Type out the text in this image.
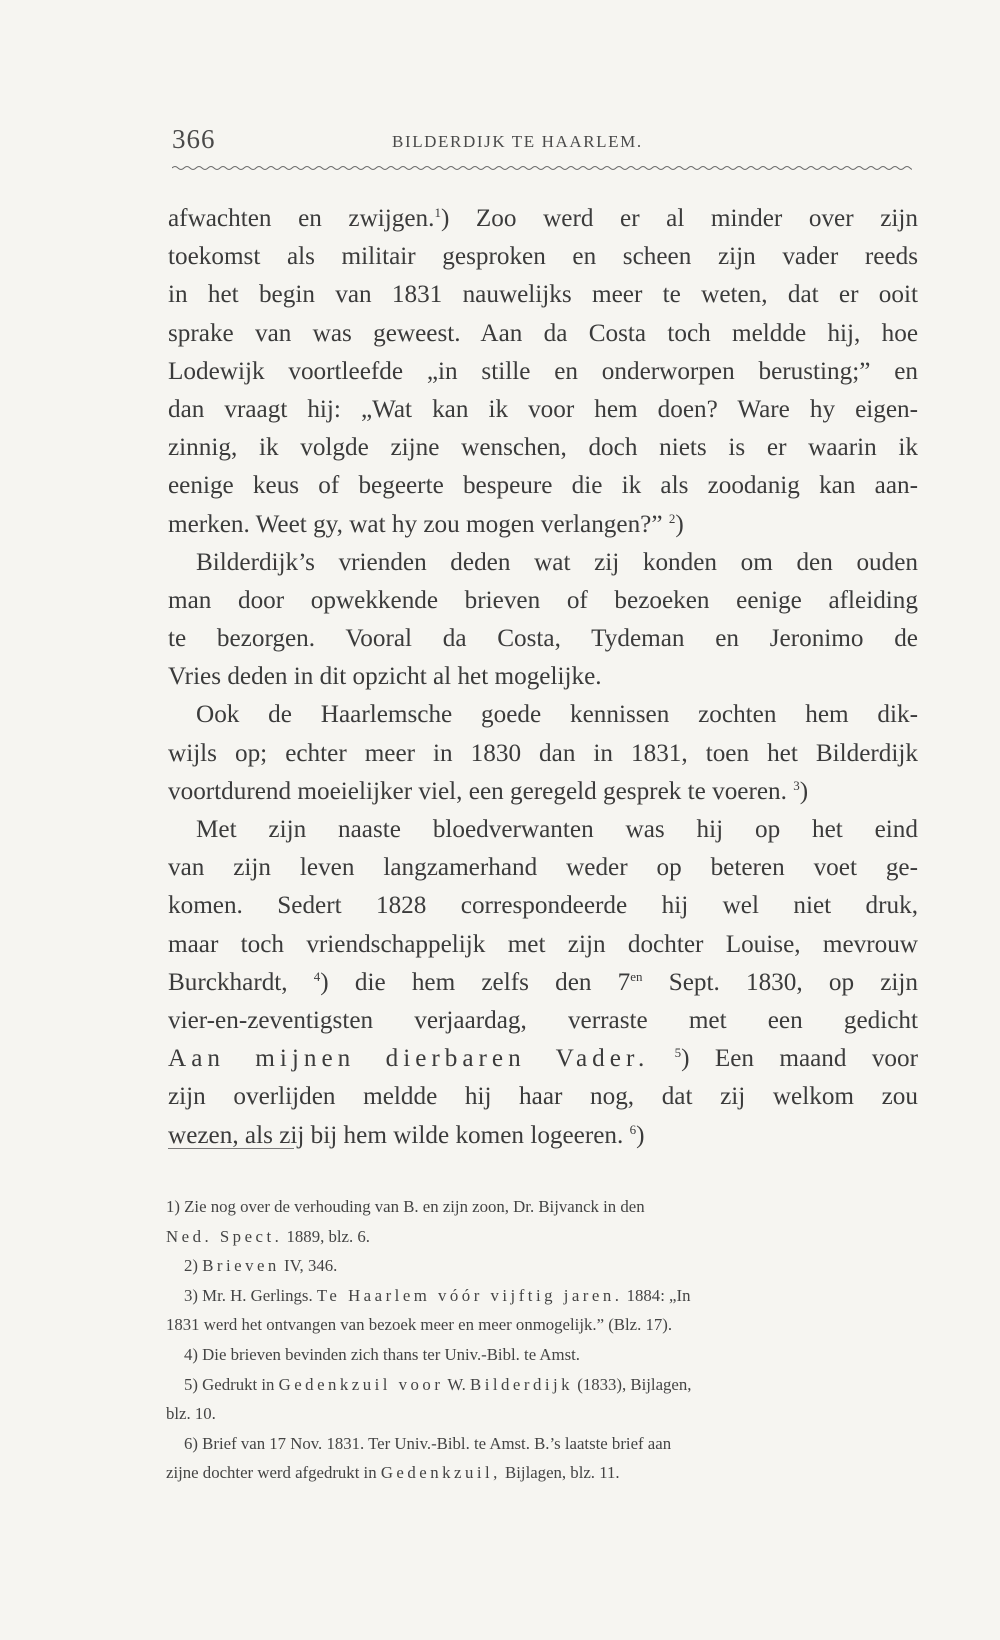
366	BILDERDIJK TE HAARLEM.
afwachten en zwijgen.$^1$) Zoo werd er al minder over zijn
toekomst als militair gesproken en scheen zijn vader reeds
in het begin van 1831 nauwelijks meer te weten, dat er ooit
sprake van was geweest. Aan da Costa toch meldde hij, hoe
Lodewijk voortleefde „in stille en onderworpen berusting;” en
dan vraagt hij: „Wat kan ik voor hem doen? Ware hy eigen-
zinnig, ik volgde zijne wenschen, doch niets is er waarin ik
eenige keus of begeerte bespeure die ik als zoodanig kan aan-
merken. Weet gy, wat hy zou mogen verlangen?” $^2$)
Bilderdijk’s vrienden deden wat zij konden om den ouden
man door opwekkende brieven of bezoeken eenige afleiding
te bezorgen. Vooral da Costa, Tydeman en Jeronimo de
Vries deden in dit opzicht al het mogelijke.
Ook de Haarlemsche goede kennissen zochten hem dik-
wijls op; echter meer in 1830 dan in 1831, toen het Bilderdijk
voortdurend moeielijker viel, een geregeld gesprek te voeren. $^3$)
Met zijn naaste bloedverwanten was hij op het eind
van zijn leven langzamerhand weder op beteren voet ge-
komen. Sedert 1828 correspondeerde hij wel niet druk,
maar toch vriendschappelijk met zijn dochter Louise, mevrouw
Burckhardt, $^4$) die hem zelfs den $7^{en}$ Sept. 1830, op zijn
vier-en-zeventigsten verjaardag, verraste met een gedicht
Aan mijnen dierbaren Vader. $^5$) Een maand voor
zijn overlijden meldde hij haar nog, dat zij welkom zou
wezen, als zij bij hem wilde komen logeeren. $^6$)
1) Zie nog over de verhouding van B. en zijn zoon, Dr. Bijvanck in den
Ned. Spect. 1889, blz. 6.
2) Brieven IV, 346.
3) Mr. H. Gerlings. Te Haarlem vóór vijftig jaren. 1884: „In
1831 werd het ontvangen van bezoek meer en meer onmogelijk.” (Blz. 17).
4) Die brieven bevinden zich thans ter Univ.-Bibl. te Amst.
5) Gedrukt in Gedenkzuil voor W. Bilderdijk (1833), Bijlagen,
blz. 10.
6) Brief van 17 Nov. 1831. Ter Univ.-Bibl. te Amst. B.’s laatste brief aan
zijne dochter werd afgedrukt in Gedenkzuil, Bijlagen, blz. 11.
